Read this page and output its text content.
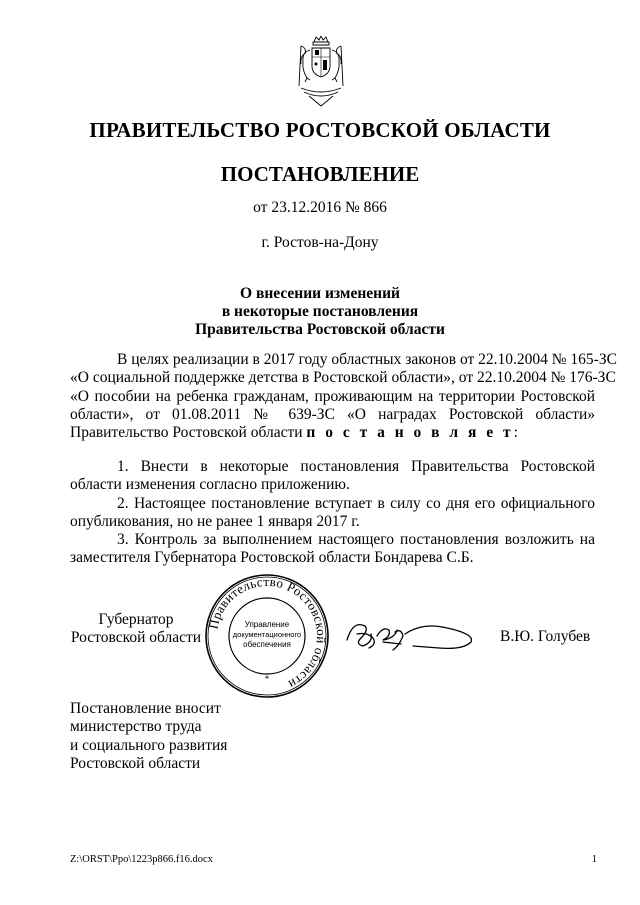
ПРАВИТЕЛЬСТВО РОСТОВСКОЙ ОБЛАСТИ
ПОСТАНОВЛЕНИЕ
от 23.12.2016 № 866
г. Ростов-на-Дону
О внесении изменений
в некоторые постановления
Правительства Ростовской области
В целях реализации в 2017 году областных законов от 22.10.2004 № 165-ЗС
«О социальной поддержке детства в Ростовской области», от 22.10.2004 № 176-ЗС
«О пособии на ребенка гражданам, проживающим на территории Ростовской
области», от 01.08.2011 № 639-ЗС «О наградах Ростовской области»
Правительство Ростовской области п о с т а н о в л я е т:

1. Внести в некоторые постановления Правительства Ростовской области изменения согласно приложению.

2. Настоящее постановление вступает в силу со дня его официального опубликования, но не ранее 1 января 2017 г.

3. Контроль за выполнением настоящего постановления возложить на заместителя Губернатора Ростовской области Бондарева С.Б.

Губернатор
Ростовской области
Правительство Ростовской области
*
Управление
документационного
обеспечения	В.Ю. Голубев
Постановление вносит
министерство труда
и социального развития
Ростовской области
Z:\ORST\Ppo\1223p866.f16.docx	1
